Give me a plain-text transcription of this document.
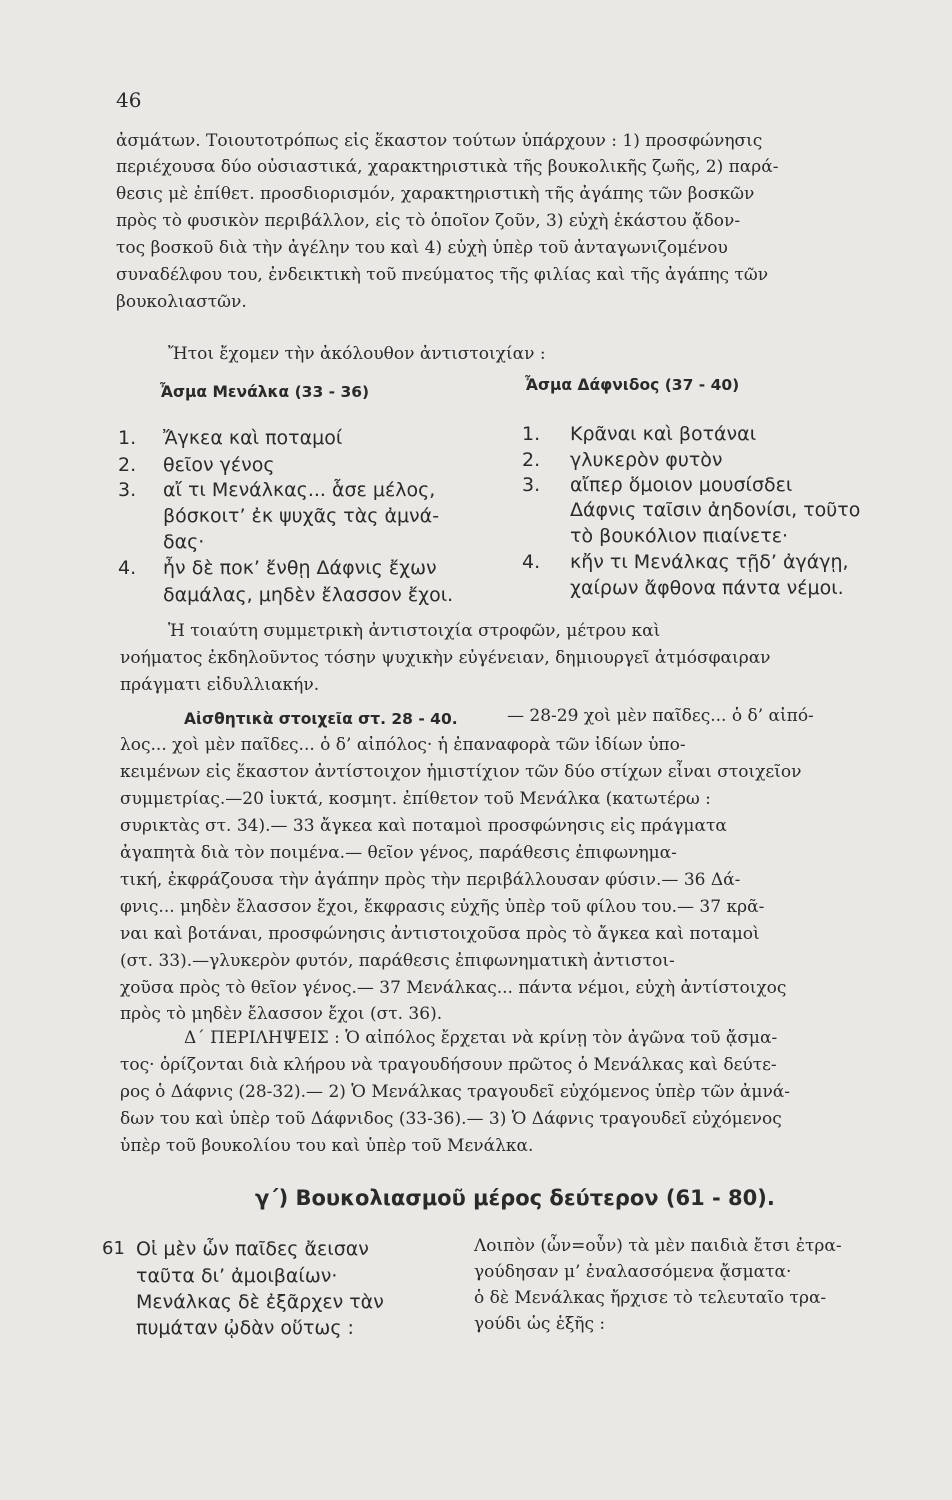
46
ἀσμάτων. Τοιουτοτρόπως εἰς ἕκαστον τούτων ὑπάρχουν : 1) προσφώνησις
περιέχουσα δύο οὐσιαστικά, χαρακτηριστικὰ τῆς βουκολικῆς ζωῆς, 2) παρά-
θεσις μὲ ἐπίθετ. προσδιορισμόν, χαρακτηριστικὴ τῆς ἀγάπης τῶν βοσκῶν
πρὸς τὸ φυσικὸν περιβάλλον, εἰς τὸ ὁποῖον ζοῦν, 3) εὐχὴ ἑκάστου ᾄδον-
τος βοσκοῦ διὰ τὴν ἀγέλην του καὶ 4) εὐχὴ ὑπὲρ τοῦ ἀνταγωνιζομένου
συναδέλφου του, ἐνδεικτικὴ τοῦ πνεύματος τῆς φιλίας καὶ τῆς ἀγάπης τῶν
βουκολιαστῶν.
Ἤτοι ἔχομεν τὴν ἀκόλουθον ἀντιστοιχίαν :
Ἆσμα Μενάλκα (33 - 36)	Ἆσμα Δάφνιδος (37 - 40)
1. Ἄγκεα καὶ ποταμοί
2. θεῖον γένος
3. αἴ τι Μενάλκας... ἇσε μέλος,
βόσκοιτ’ ἐκ ψυχᾶς τὰς ἀμνά-
δας·
4. ἦν δὲ ποκ’ ἔνθῃ Δάφνις ἔχων
δαμάλας, μηδὲν ἔλασσον ἔχοι.
1. Κρᾶναι καὶ βοτάναι
2. γλυκερὸν φυτὸν
3. αἴπερ ὅμοιον μουσίσδει
Δάφνις ταῖσιν ἀηδονίσι, τοῦτο
τὸ βουκόλιον πιαίνετε·
4. κἤν τι Μενάλκας τῇδ’ ἀγάγῃ,
χαίρων ἄφθονα πάντα νέμοι.
Ἡ τοιαύτη συμμετρικὴ ἀντιστοιχία στροφῶν, μέτρου καὶ
νοήματος ἐκδηλοῦντος τόσην ψυχικὴν εὐγένειαν, δημιουργεῖ ἀτμόσφαιραν
πράγματι εἰδυλλιακήν.
Αἰσθητικὰ στοιχεῖα στ. 28 - 40.	— 28-29 χοὶ μὲν παῖδες... ὁ δ’ αἰπό-
λος... χοὶ μὲν παῖδες... ὁ δ’ αἰπόλος· ἡ ἐπαναφορὰ τῶν ἰδίων ὑπο-
κειμένων εἰς ἕκαστον ἀντίστοιχον ἡμιστίχιον τῶν δύο στίχων εἶναι στοιχεῖον
συμμετρίας.—20 ἰυκτά, κοσμητ. ἐπίθετον τοῦ Μενάλκα (κατωτέρω :
συρικτὰς στ. 34).— 33 ἄγκεα καὶ ποταμοὶ προσφώνησις εἰς πράγματα
ἀγαπητὰ διὰ τὸν ποιμένα.— θεῖον γένος, παράθεσις ἐπιφωνημα-
τική, ἐκφράζουσα τὴν ἀγάπην πρὸς τὴν περιβάλλουσαν φύσιν.— 36 Δά-
φνις... μηδὲν ἔλασσον ἔχοι, ἔκφρασις εὐχῆς ὑπὲρ τοῦ φίλου του.— 37 κρᾶ-
ναι καὶ βοτάναι, προσφώνησις ἀντιστοιχοῦσα πρὸς τὸ ἄγκεα καὶ ποταμοὶ
(στ. 33).—γλυκερὸν φυτόν, παράθεσις ἐπιφωνηματικὴ ἀντιστοι-
χοῦσα πρὸς τὸ θεῖον γένος.— 37 Μενάλκας... πάντα νέμοι, εὐχὴ ἀντίστοιχος
πρὸς τὸ μηδὲν ἔλασσον ἔχοι (στ. 36).
Δ΄ ΠΕΡΙΛΗΨΕΙΣ : Ὁ αἰπόλος ἔρχεται νὰ κρίνῃ τὸν ἀγῶνα τοῦ ᾄσμα-
τος· ὁρίζονται διὰ κλήρου νὰ τραγουδήσουν πρῶτος ὁ Μενάλκας καὶ δεύτε-
ρος ὁ Δάφνις (28-32).— 2) Ὁ Μενάλκας τραγουδεῖ εὐχόμενος ὑπὲρ τῶν ἀμνά-
δων του καὶ ὑπὲρ τοῦ Δάφνιδος (33-36).— 3) Ὁ Δάφνις τραγουδεῖ εὐχόμενος
ὑπὲρ τοῦ βουκολίου του καὶ ὑπὲρ τοῦ Μενάλκα.
γ΄) Βουκολιασμοῦ μέρος δεύτερον (61 - 80).
61 Οἱ μὲν ὧν παῖδες ἄεισαν
ταῦτα δι’ ἀμοιβαίων·
Μενάλκας δὲ ἐξᾶρχεν τὰν
πυμάταν ᾠδὰν οὕτως :
Λοιπὸν (ὦν=οὖν) τὰ μὲν παιδιὰ ἔτσι ἐτρα-
γούδησαν μ’ ἐναλασσόμενα ᾄσματα·
ὁ δὲ Μενάλκας ἤρχισε τὸ τελευταῖο τρα-
γούδι ὡς ἑξῆς :
